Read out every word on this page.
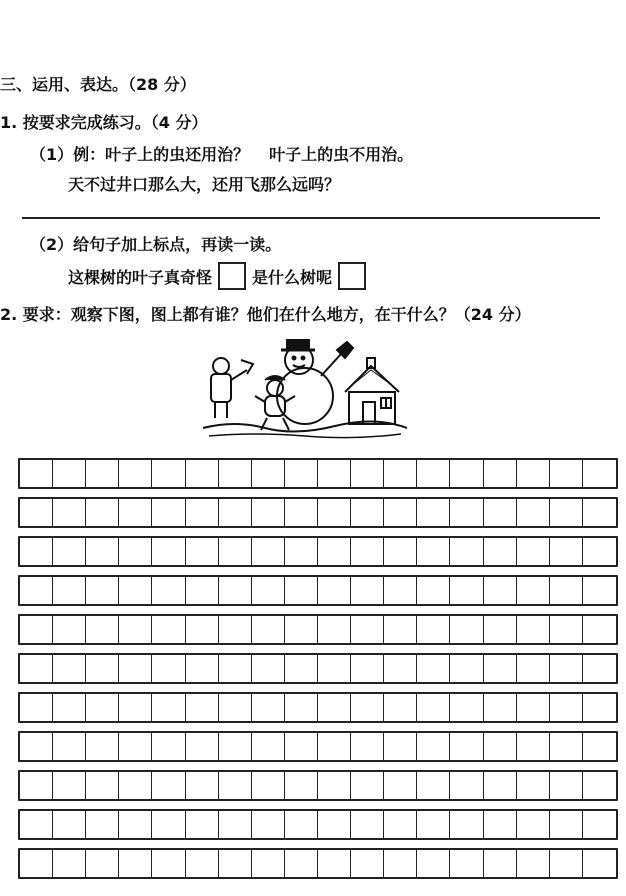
三、运用、表达。（28 分）
1. 按要求完成练习。（4 分）
（1）例：叶子上的虫还用治？ 叶子上的虫不用治。
天不过井口那么大，还用飞那么远吗？
（2）给句子加上标点，再读一读。
这棵树的叶子真奇怪	是什么树呢
2. 要求：观察下图，图上都有谁？他们在什么地方，在干什么？（24 分）
